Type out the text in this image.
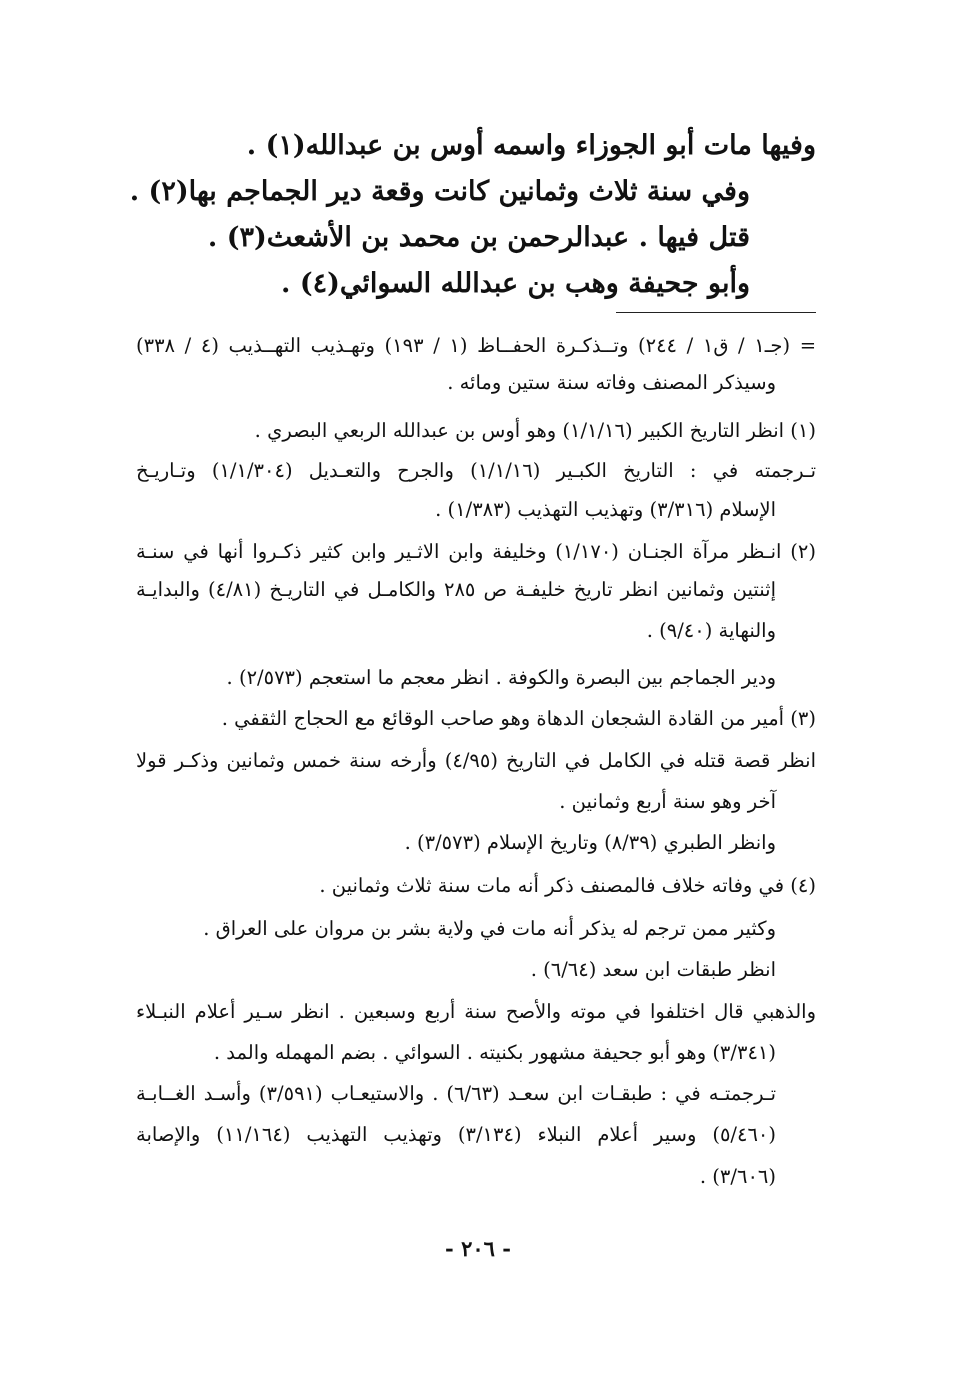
وفيها مات أبو الجوزاء واسمه أوس بن عبدالله(١) .
وفي سنة ثلاث وثمانين كانت وقعة دير الجماجم بها(٢) .
قتل فيها . عبدالرحمن بن محمد بن الأشعث(٣) .
وأبو جحيفة وهب بن عبدالله السوائي(٤) .
= (جـ١ / ق١ / ٢٤٤) وتــذكـرة الحفــاظ (١ / ١٩٣) وتهـذيب التهــذيب (٤ / ٣٣٨)
وسيذكر المصنف وفاته سنة ستين ومائه .
(١) انظر التاريخ الكبير (١/١/١٦) وهو أوس بن عبدالله الربعي البصري .
تـرجمته في : التاريخ الكبـير (١/١/١٦) والجرح والتعـديل (١/١/٣٠٤) وتـاريـخ
الإسلام (٣/٣١٦) وتهذيب التهذيب (١/٣٨٣) .
(٢) انـظر مرآة الجنـان (١/١٧٠) وخليفة وابن الاثـير وابن كثير ذكـروا أنها في سنـة
إثنتين وثمانين انظر تاريخ خليفـة ص ٢٨٥ والكامـل في التاريـخ (٤/٨١) والبدايـة
والنهاية (٩/٤٠) .
ودير الجماجم بين البصرة والكوفة . انظر معجم ما استعجم (٢/٥٧٣) .
(٣) أمير من القادة الشجعان الدهاة وهو صاحب الوقائع مع الحجاج الثقفي .
انظر قصة قتله في الكامل في التاريخ (٤/٩٥) وأرخه سنة خمس وثمانين وذكـر قولا
آخر وهو سنة أربع وثمانين .
وانظر الطبري (٨/٣٩) وتاريخ الإسلام (٣/٥٧٣) .
(٤) في وفاته خلاف فالمصنف ذكر أنه مات سنة ثلاث وثمانين .
وكثير ممن ترجم له يذكر أنه مات في ولاية بشر بن مروان على العراق .
انظر طبقات ابن سعد (٦/٦٤) .
والذهبي قال اختلفوا في موته والأصح سنة أربع وسبعين . انظر سـير أعلام النبـلاء
(٣/٣٤١) وهو أبو جحيفة مشهور بكنيته . السوائي . بضم المهمله والمد .
تـرجمتـه في : طبقـات ابن سعـد (٦/٦٣) . والاستيعـاب (٣/٥٩١) وأسـد الغــابـة
(٥/٤٦٠) وسير أعلام النبلاء (٣/١٣٤) وتهذيب التهذيب (١١/١٦٤) والإصابة
(٣/٦٠٦) .
- ٢٠٦ -
